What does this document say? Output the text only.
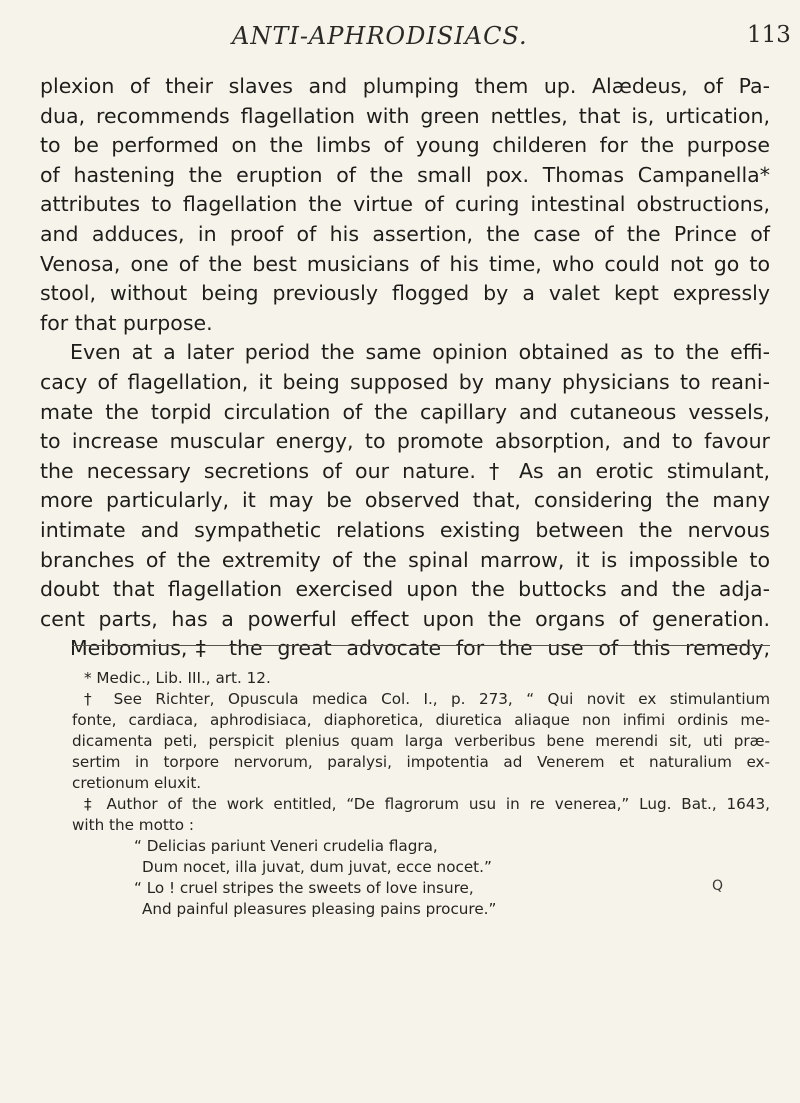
ANTI-APHRODISIACS.	113
plexion of their slaves and plumping them up. Alædeus, of Pa-
dua, recommends flagellation with green nettles, that is, urtication,
to be performed on the limbs of young childeren for the purpose
of hastening the eruption of the small pox. Thomas Campanella*
attributes to flagellation the virtue of curing intestinal obstructions,
and adduces, in proof of his assertion, the case of the Prince of
Venosa, one of the best musicians of his time, who could not go to
stool, without being previously flogged by a valet kept expressly
for that purpose.
Even at a later period the same opinion obtained as to the effi-
cacy of flagellation, it being supposed by many physicians to reani-
mate the torpid circulation of the capillary and cutaneous vessels,
to increase muscular energy, to promote absorption, and to favour
the necessary secretions of our nature. † As an erotic stimulant,
more particularly, it may be observed that, considering the many
intimate and sympathetic relations existing between the nervous
branches of the extremity of the spinal marrow, it is impossible to
doubt that flagellation exercised upon the buttocks and the adja-
cent parts, has a powerful effect upon the organs of generation.
Meibomius,‡ the great advocate for the use of this remedy,
* Medic., Lib. III., art. 12.
† See Richter, Opuscula medica Col. I., p. 273, “ Qui novit ex stimulantium
fonte, cardiaca, aphrodisiaca, diaphoretica, diuretica aliaque non infimi ordinis me-
dicamenta peti, perspicit plenius quam larga verberibus bene merendi sit, uti præ-
sertim in torpore nervorum, paralysi, impotentia ad Venerem et naturalium ex-
cretionum eluxit.
‡ Author of the work entitled, “De flagrorum usu in re venerea,” Lug. Bat., 1643,
with the motto :
“ Delicias pariunt Veneri crudelia flagra,
Dum nocet, illa juvat, dum juvat, ecce nocet.”
“ Lo ! cruel stripes the sweets of love insure,
And painful pleasures pleasing pains procure.”
Q
